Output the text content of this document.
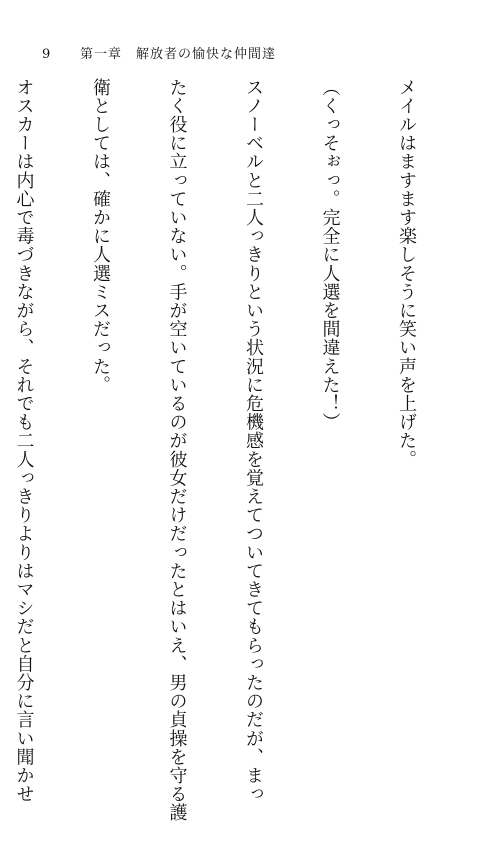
9 第一章　解放者の愉快な仲間達

メイルはますます楽しそうに笑い声を上げた。

（くっそぉっ。完全に人選を間違えた！）

スノーベルと二人っきりという状況に危機感を覚えてついてきてもらったのだが、まっ

たく役に立っていない。手が空いているのが彼女だけだったとはいえ、男の貞操を守る護

衛としては、確かに人選ミスだった。

オスカーは内心で毒づきながら、それでも二人っきりよりはマシだと自分に言い聞かせ
